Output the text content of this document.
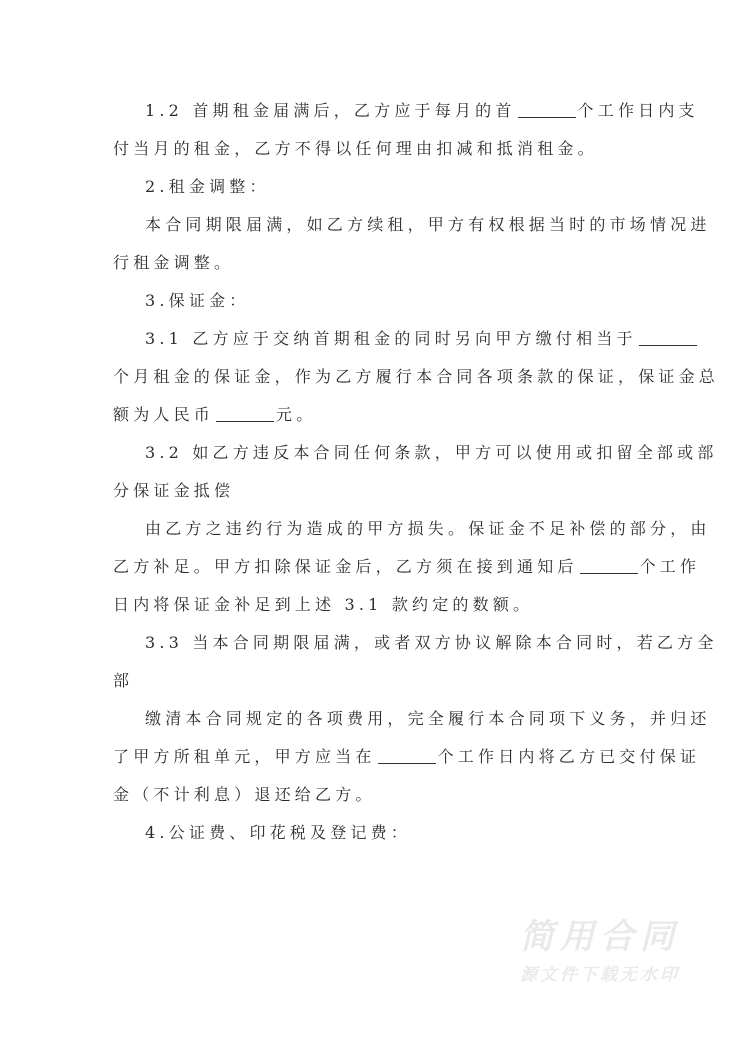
1.2 首期租金届满后，乙方应于每月的首	个工作日内支
付当月的租金，乙方不得以任何理由扣减和抵消租金。
2.租金调整：
本合同期限届满，如乙方续租，甲方有权根据当时的市场情况进
行租金调整。
3.保证金：
3.1 乙方应于交纳首期租金的同时另向甲方缴付相当于
个月租金的保证金，作为乙方履行本合同各项条款的保证，保证金总
额为人民币	元。
3.2 如乙方违反本合同任何条款，甲方可以使用或扣留全部或部
分保证金抵偿
由乙方之违约行为造成的甲方损失。保证金不足补偿的部分，由
乙方补足。甲方扣除保证金后，乙方须在接到通知后	个工作
日内将保证金补足到上述 3.1 款约定的数额。
3.3 当本合同期限届满，或者双方协议解除本合同时，若乙方全
部
缴清本合同规定的各项费用，完全履行本合同项下义务，并归还
了甲方所租单元，甲方应当在	个工作日内将乙方已交付保证
金（不计利息）退还给乙方。
4.公证费、印花税及登记费：
简用合同
源文件下载无水印
